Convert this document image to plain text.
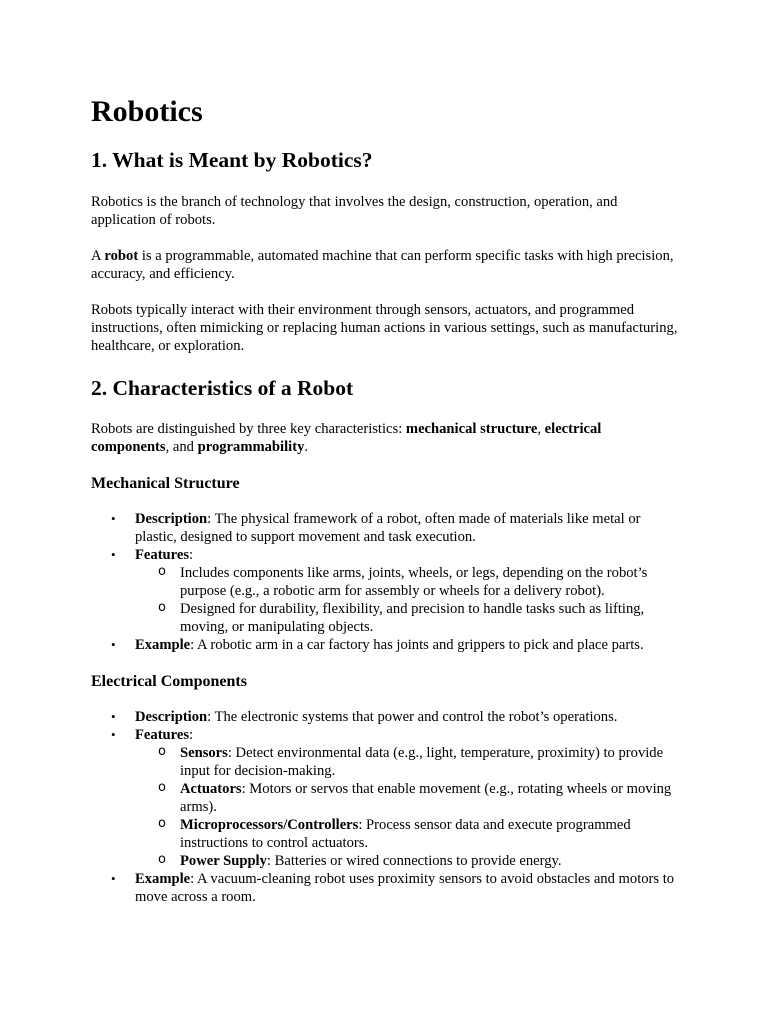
Robotics
1. What is Meant by Robotics?

Robotics is the branch of technology that involves the design, construction, operation, and application of robots.

A robot is a programmable, automated machine that can perform specific tasks with high precision, accuracy, and efficiency.

Robots typically interact with their environment through sensors, actuators, and programmed instructions, often mimicking or replacing human actions in various settings, such as manufacturing, healthcare, or exploration.

2. Characteristics of a Robot

Robots are distinguished by three key characteristics: mechanical structure, electrical components, and programmability.

Mechanical Structure
• Description: The physical framework of a robot, often made of materials like metal or plastic, designed to support movement and task execution.
• Features:
o Includes components like arms, joints, wheels, or legs, depending on the robot’s purpose (e.g., a robotic arm for assembly or wheels for a delivery robot).
o Designed for durability, flexibility, and precision to handle tasks such as lifting, moving, or manipulating objects.
• Example: A robotic arm in a car factory has joints and grippers to pick and place parts.
Electrical Components
• Description: The electronic systems that power and control the robot’s operations.
• Features:
o Sensors: Detect environmental data (e.g., light, temperature, proximity) to provide input for decision-making.
o Actuators: Motors or servos that enable movement (e.g., rotating wheels or moving arms).
o Microprocessors/Controllers: Process sensor data and execute programmed instructions to control actuators.
o Power Supply: Batteries or wired connections to provide energy.
• Example: A vacuum-cleaning robot uses proximity sensors to avoid obstacles and motors to move across a room.
